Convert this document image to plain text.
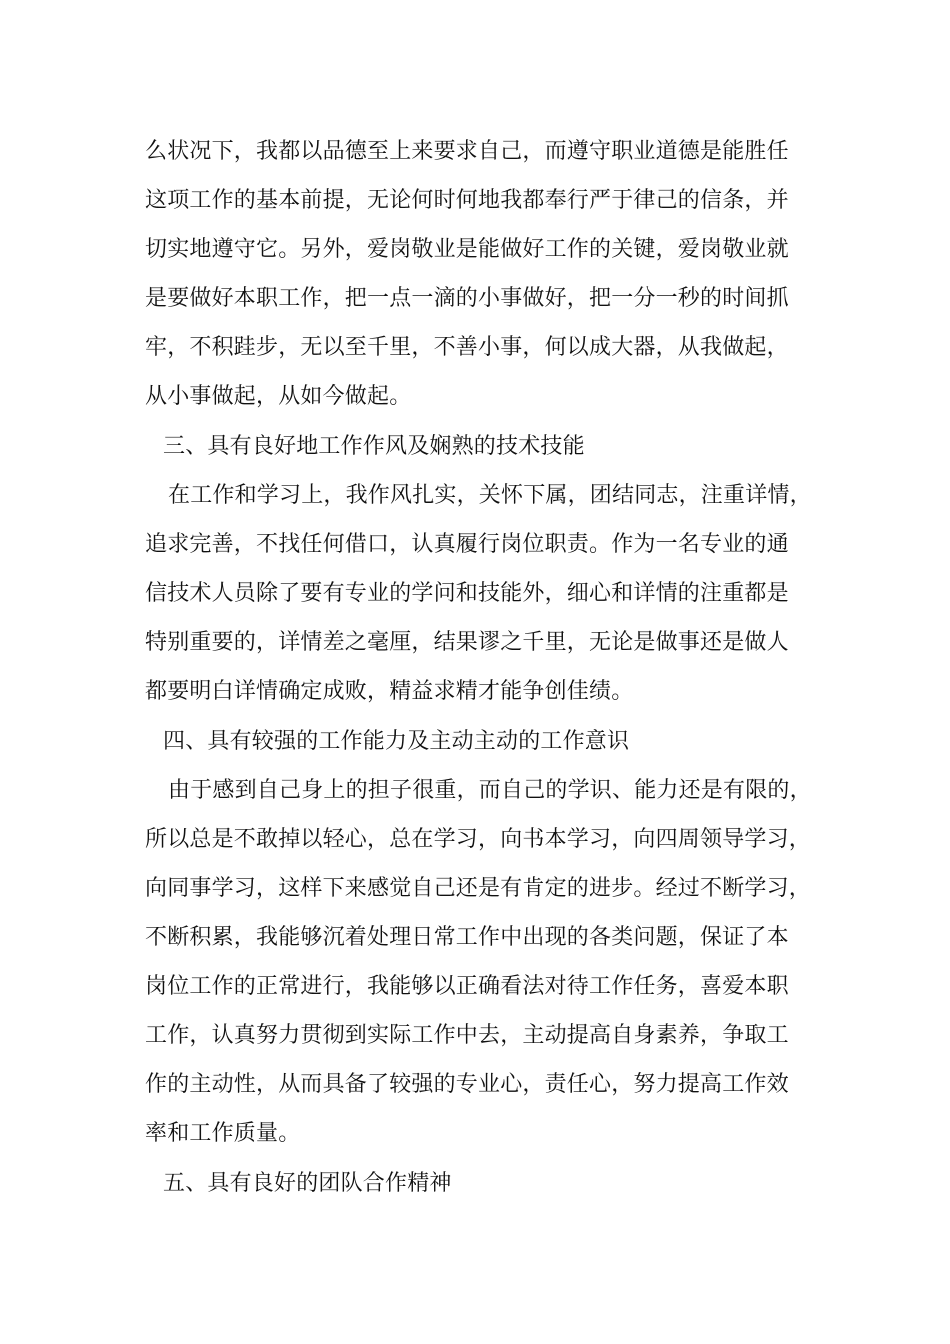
么状况下，我都以品德至上来要求自己，而遵守职业道德是能胜任
这项工作的基本前提，无论何时何地我都奉行严于律己的信条，并
切实地遵守它。另外，爱岗敬业是能做好工作的关键，爱岗敬业就
是要做好本职工作，把一点一滴的小事做好，把一分一秒的时间抓
牢，不积跬步，无以至千里，不善小事，何以成大器，从我做起，
从小事做起，从如今做起。
三、具有良好地工作作风及娴熟的技术技能
在工作和学习上，我作风扎实，关怀下属，团结同志，注重详情，
追求完善，不找任何借口，认真履行岗位职责。作为一名专业的通
信技术人员除了要有专业的学问和技能外，细心和详情的注重都是
特别重要的，详情差之毫厘，结果谬之千里，无论是做事还是做人
都要明白详情确定成败，精益求精才能争创佳绩。
四、具有较强的工作能力及主动主动的工作意识
由于感到自己身上的担子很重，而自己的学识、能力还是有限的，
所以总是不敢掉以轻心，总在学习，向书本学习，向四周领导学习，
向同事学习，这样下来感觉自己还是有肯定的进步。经过不断学习，
不断积累，我能够沉着处理日常工作中出现的各类问题，保证了本
岗位工作的正常进行，我能够以正确看法对待工作任务，喜爱本职
工作，认真努力贯彻到实际工作中去，主动提高自身素养，争取工
作的主动性，从而具备了较强的专业心，责任心，努力提高工作效
率和工作质量。
五、具有良好的团队合作精神
